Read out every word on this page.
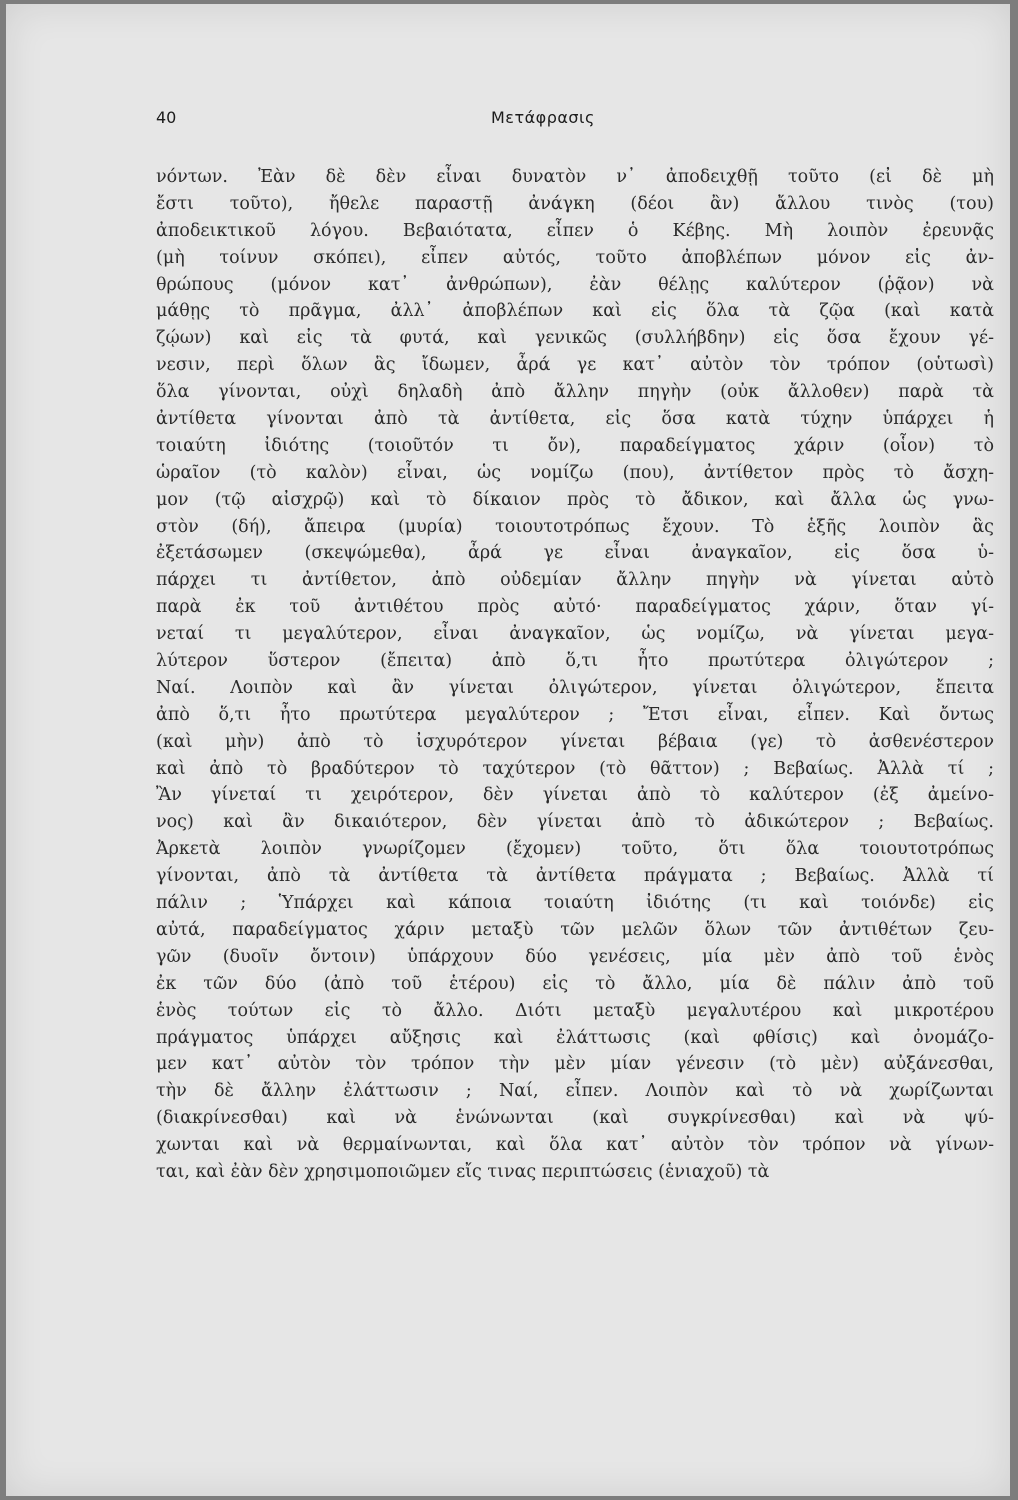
40	Μετάφρασις
νόντων. Ἐὰν δὲ δὲν εἶναι δυνατὸν ν᾽ ἀποδειχθῇ τοῦτο (εἰ δὲ μὴ
ἔστι τοῦτο), ἤθελε παραστῇ ἀνάγκη (δέοι ἂν) ἄλλου τινὸς (του)
ἀποδεικτικοῦ λόγου. Βεβαιότατα, εἶπεν ὁ Κέβης. Μὴ λοιπὸν ἐρευνᾷς
(μὴ τοίνυν σκόπει), εἶπεν αὐτός, τοῦτο ἀποβλέπων μόνον εἰς ἀν-
θρώπους (μόνον κατ᾽ ἀνθρώπων), ἐὰν θέλῃς καλύτερον (ῥᾷον) νὰ
μάθῃς τὸ πρᾶγμα, ἀλλ᾽ ἀποβλέπων καὶ εἰς ὅλα τὰ ζῷα (καὶ κατὰ
ζῴων) καὶ εἰς τὰ φυτά, καὶ γενικῶς (συλλήβδην) εἰς ὅσα ἔχουν γέ-
νεσιν, περὶ ὅλων ἃς ἴδωμεν, ἆρά γε κατ᾽ αὐτὸν τὸν τρόπον (οὑτωσὶ)
ὅλα γίνονται, οὐχὶ δηλαδὴ ἀπὸ ἄλλην πηγὴν (οὐκ ἄλλοθεν) παρὰ τὰ
ἀντίθετα γίνονται ἀπὸ τὰ ἀντίθετα, εἰς ὅσα κατὰ τύχην ὑπάρχει ἡ
τοιαύτη ἰδιότης (τοιοῦτόν τι ὄν), παραδείγματος χάριν (οἷον) τὸ
ὡραῖον (τὸ καλὸν) εἶναι, ὡς νομίζω (που), ἀντίθετον πρὸς τὸ ἄσχη-
μον (τῷ αἰσχρῷ) καὶ τὸ δίκαιον πρὸς τὸ ἄδικον, καὶ ἄλλα ὡς γνω-
στὸν (δή), ἄπειρα (μυρία) τοιουτοτρόπως ἔχουν. Τὸ ἑξῆς λοιπὸν ἃς
ἐξετάσωμεν (σκεψώμεθα), ἆρά γε εἶναι ἀναγκαῖον, εἰς ὅσα ὑ-
πάρχει τι ἀντίθετον, ἀπὸ οὐδεμίαν ἄλλην πηγὴν νὰ γίνεται αὐτὸ
παρὰ ἐκ τοῦ ἀντιθέτου πρὸς αὐτό· παραδείγματος χάριν, ὅταν γί-
νεταί τι μεγαλύτερον, εἶναι ἀναγκαῖον, ὡς νομίζω, νὰ γίνεται μεγα-
λύτερον ὕστερον (ἔπειτα) ἀπὸ ὅ,τι ἦτο πρωτύτερα ὀλιγώτερον ;
Ναί. Λοιπὸν καὶ ἂν γίνεται ὀλιγώτερον, γίνεται ὀλιγώτερον, ἔπειτα
ἀπὸ ὅ,τι ἦτο πρωτύτερα μεγαλύτερον ; Ἔτσι εἶναι, εἶπεν. Καὶ ὄντως
(καὶ μὴν) ἀπὸ τὸ ἰσχυρότερον γίνεται βέβαια (γε) τὸ ἀσθενέστερον
καὶ ἀπὸ τὸ βραδύτερον τὸ ταχύτερον (τὸ θᾶττον) ; Βεβαίως. Ἀλλὰ τί ;
Ἂν γίνεταί τι χειρότερον, δὲν γίνεται ἀπὸ τὸ καλύτερον (ἐξ ἀμείνο-
νος) καὶ ἂν δικαιότερον, δὲν γίνεται ἀπὸ τὸ ἀδικώτερον ; Βεβαίως.
Ἀρκετὰ λοιπὸν γνωρίζομεν (ἔχομεν) τοῦτο, ὅτι ὅλα τοιουτοτρόπως
γίνονται, ἀπὸ τὰ ἀντίθετα τὰ ἀντίθετα πράγματα ; Βεβαίως. Ἀλλὰ τί
πάλιν ; Ὑπάρχει καὶ κάποια τοιαύτη ἰδιότης (τι καὶ τοιόνδε) εἰς
αὐτά, παραδείγματος χάριν μεταξὺ τῶν μελῶν ὅλων τῶν ἀντιθέτων ζευ-
γῶν (δυοῖν ὄντοιν) ὑπάρχουν δύο γενέσεις, μία μὲν ἀπὸ τοῦ ἑνὸς
ἐκ τῶν δύο (ἀπὸ τοῦ ἑτέρου) εἰς τὸ ἄλλο, μία δὲ πάλιν ἀπὸ τοῦ
ἑνὸς τούτων εἰς τὸ ἄλλο. Διότι μεταξὺ μεγαλυτέρου καὶ μικροτέρου
πράγματος ὑπάρχει αὔξησις καὶ ἐλάττωσις (καὶ φθίσις) καὶ ὀνομάζο-
μεν κατ᾽ αὐτὸν τὸν τρόπον τὴν μὲν μίαν γένεσιν (τὸ μὲν) αὐξάνεσθαι,
τὴν δὲ ἄλλην ἐλάττωσιν ; Ναί, εἶπεν. Λοιπὸν καὶ τὸ νὰ χωρίζωνται
(διακρίνεσθαι) καὶ νὰ ἑνώνωνται (καὶ συγκρίνεσθαι) καὶ νὰ ψύ-
χωνται καὶ νὰ θερμαίνωνται, καὶ ὅλα κατ᾽ αὐτὸν τὸν τρόπον νὰ γίνων-
ται, καὶ ἐὰν δὲν χρησιμοποιῶμεν εἴς τινας περιπτώσεις (ἑνιαχοῦ) τὰ
